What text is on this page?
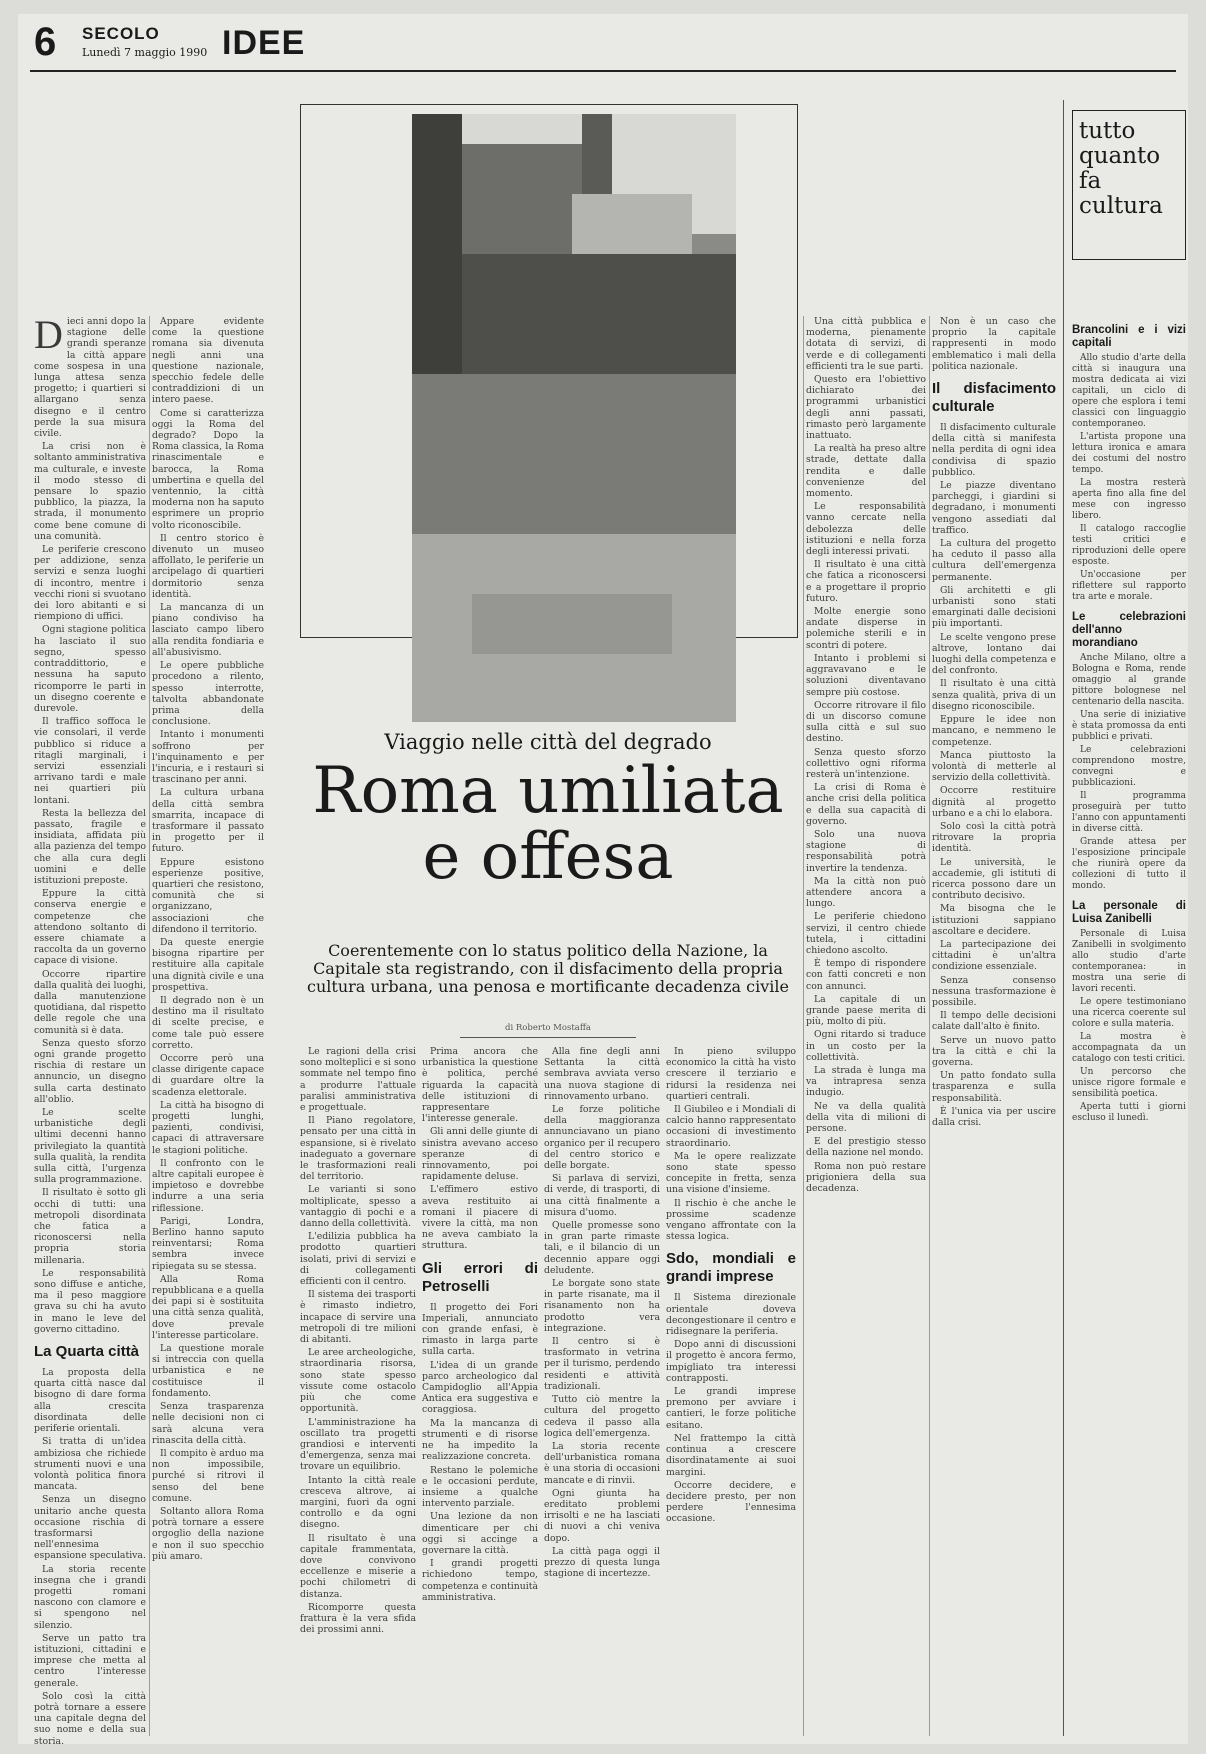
6 SECOLO
Lunedì 7 maggio 1990 IDEE
Viaggio nelle città del degrado
Roma umiliata e offesa
Coerentemente con lo status politico della Nazione, la Capitale sta registrando, con il disfacimento della propria cultura urbana, una penosa e mortificante decadenza civile
di Roberto Mostaffa

Dieci anni dopo la stagione delle grandi speranze la città appare come sospesa in una lunga attesa senza progetto; i quartieri si allargano senza disegno e il centro perde la sua misura civile.

La crisi non è soltanto amministrativa ma culturale, e investe il modo stesso di pensare lo spazio pubblico, la piazza, la strada, il monumento come bene comune di una comunità.

Le periferie crescono per addizione, senza servizi e senza luoghi di incontro, mentre i vecchi rioni si svuotano dei loro abitanti e si riempiono di uffici.

Ogni stagione politica ha lasciato il suo segno, spesso contraddittorio, e nessuna ha saputo ricomporre le parti in un disegno coerente e durevole.

Il traffico soffoca le vie consolari, il verde pubblico si riduce a ritagli marginali, i servizi essenziali arrivano tardi e male nei quartieri più lontani.

Resta la bellezza del passato, fragile e insidiata, affidata più alla pazienza del tempo che alla cura degli uomini e delle istituzioni preposte.

Eppure la città conserva energie e competenze che attendono soltanto di essere chiamate a raccolta da un governo capace di visione.

Occorre ripartire dalla qualità dei luoghi, dalla manutenzione quotidiana, dal rispetto delle regole che una comunità si è data.

Senza questo sforzo ogni grande progetto rischia di restare un annuncio, un disegno sulla carta destinato all'oblio.

Le scelte urbanistiche degli ultimi decenni hanno privilegiato la quantità sulla qualità, la rendita sulla città, l'urgenza sulla programmazione.

Il risultato è sotto gli occhi di tutti: una metropoli disordinata che fatica a riconoscersi nella propria storia millenaria.

Le responsabilità sono diffuse e antiche, ma il peso maggiore grava su chi ha avuto in mano le leve del governo cittadino.

La Quarta città

La proposta della quarta città nasce dal bisogno di dare forma alla crescita disordinata delle periferie orientali.

Si tratta di un'idea ambiziosa che richiede strumenti nuovi e una volontà politica finora mancata.

Senza un disegno unitario anche questa occasione rischia di trasformarsi nell'ennesima espansione speculativa.

La storia recente insegna che i grandi progetti romani nascono con clamore e si spengono nel silenzio.

Serve un patto tra istituzioni, cittadini e imprese che metta al centro l'interesse generale.

Solo così la città potrà tornare a essere una capitale degna del suo nome e della sua storia.

Appare evidente come la questione romana sia divenuta negli anni una questione nazionale, specchio fedele delle contraddizioni di un intero paese.

Come si caratterizza oggi la Roma del degrado? Dopo la Roma classica, la Roma rinascimentale e barocca, la Roma umbertina e quella del ventennio, la città moderna non ha saputo esprimere un proprio volto riconoscibile.

Il centro storico è divenuto un museo affollato, le periferie un arcipelago di quartieri dormitorio senza identità.

La mancanza di un piano condiviso ha lasciato campo libero alla rendita fondiaria e all'abusivismo.

Le opere pubbliche procedono a rilento, spesso interrotte, talvolta abbandonate prima della conclusione.

Intanto i monumenti soffrono per l'inquinamento e per l'incuria, e i restauri si trascinano per anni.

La cultura urbana della città sembra smarrita, incapace di trasformare il passato in progetto per il futuro.

Eppure esistono esperienze positive, quartieri che resistono, comunità che si organizzano, associazioni che difendono il territorio.

Da queste energie bisogna ripartire per restituire alla capitale una dignità civile e una prospettiva.

Il degrado non è un destino ma il risultato di scelte precise, e come tale può essere corretto.

Occorre però una classe dirigente capace di guardare oltre la scadenza elettorale.

La città ha bisogno di progetti lunghi, pazienti, condivisi, capaci di attraversare le stagioni politiche.

Il confronto con le altre capitali europee è impietoso e dovrebbe indurre a una seria riflessione.

Parigi, Londra, Berlino hanno saputo reinventarsi; Roma sembra invece ripiegata su se stessa.

Alla Roma repubblicana e a quella dei papi si è sostituita una città senza qualità, dove prevale l'interesse particolare.

La questione morale si intreccia con quella urbanistica e ne costituisce il fondamento.

Senza trasparenza nelle decisioni non ci sarà alcuna vera rinascita della città.

Il compito è arduo ma non impossibile, purché si ritrovi il senso del bene comune.

Soltanto allora Roma potrà tornare a essere orgoglio della nazione e non il suo specchio più amaro.

Le ragioni della crisi sono molteplici e si sono sommate nel tempo fino a produrre l'attuale paralisi amministrativa e progettuale.

Il Piano regolatore, pensato per una città in espansione, si è rivelato inadeguato a governare le trasformazioni reali del territorio.

Le varianti si sono moltiplicate, spesso a vantaggio di pochi e a danno della collettività.

L'edilizia pubblica ha prodotto quartieri isolati, privi di servizi e di collegamenti efficienti con il centro.

Il sistema dei trasporti è rimasto indietro, incapace di servire una metropoli di tre milioni di abitanti.

Le aree archeologiche, straordinaria risorsa, sono state spesso vissute come ostacolo più che come opportunità.

L'amministrazione ha oscillato tra progetti grandiosi e interventi d'emergenza, senza mai trovare un equilibrio.

Intanto la città reale cresceva altrove, ai margini, fuori da ogni controllo e da ogni disegno.

Il risultato è una capitale frammentata, dove convivono eccellenze e miserie a pochi chilometri di distanza.

Ricomporre questa frattura è la vera sfida dei prossimi anni.

Prima ancora che urbanistica la questione è politica, perché riguarda la capacità delle istituzioni di rappresentare l'interesse generale.

Gli anni delle giunte di sinistra avevano acceso speranze di rinnovamento, poi rapidamente deluse.

L'effimero estivo aveva restituito ai romani il piacere di vivere la città, ma non ne aveva cambiato la struttura.

Gli errori di Petroselli

Il progetto dei Fori Imperiali, annunciato con grande enfasi, è rimasto in larga parte sulla carta.

L'idea di un grande parco archeologico dal Campidoglio all'Appia Antica era suggestiva e coraggiosa.

Ma la mancanza di strumenti e di risorse ne ha impedito la realizzazione concreta.

Restano le polemiche e le occasioni perdute, insieme a qualche intervento parziale.

Una lezione da non dimenticare per chi oggi si accinge a governare la città.

I grandi progetti richiedono tempo, competenza e continuità amministrativa.

Alla fine degli anni Settanta la città sembrava avviata verso una nuova stagione di rinnovamento urbano.

Le forze politiche della maggioranza annunciavano un piano organico per il recupero del centro storico e delle borgate.

Si parlava di servizi, di verde, di trasporti, di una città finalmente a misura d'uomo.

Quelle promesse sono in gran parte rimaste tali, e il bilancio di un decennio appare oggi deludente.

Le borgate sono state in parte risanate, ma il risanamento non ha prodotto vera integrazione.

Il centro si è trasformato in vetrina per il turismo, perdendo residenti e attività tradizionali.

Tutto ciò mentre la cultura del progetto cedeva il passo alla logica dell'emergenza.

La storia recente dell'urbanistica romana è una storia di occasioni mancate e di rinvii.

Ogni giunta ha ereditato problemi irrisolti e ne ha lasciati di nuovi a chi veniva dopo.

La città paga oggi il prezzo di questa lunga stagione di incertezze.

In pieno sviluppo economico la città ha visto crescere il terziario e ridursi la residenza nei quartieri centrali.

Il Giubileo e i Mondiali di calcio hanno rappresentato occasioni di investimento straordinario.

Ma le opere realizzate sono state spesso concepite in fretta, senza una visione d'insieme.

Il rischio è che anche le prossime scadenze vengano affrontate con la stessa logica.

Sdo, mondiali e grandi imprese

Il Sistema direzionale orientale doveva decongestionare il centro e ridisegnare la periferia.

Dopo anni di discussioni il progetto è ancora fermo, impigliato tra interessi contrapposti.

Le grandi imprese premono per avviare i cantieri, le forze politiche esitano.

Nel frattempo la città continua a crescere disordinatamente ai suoi margini.

Occorre decidere, e decidere presto, per non perdere l'ennesima occasione.

Una città pubblica e moderna, pienamente dotata di servizi, di verde e di collegamenti efficienti tra le sue parti.

Questo era l'obiettivo dichiarato dei programmi urbanistici degli anni passati, rimasto però largamente inattuato.

La realtà ha preso altre strade, dettate dalla rendita e dalle convenienze del momento.

Le responsabilità vanno cercate nella debolezza delle istituzioni e nella forza degli interessi privati.

Il risultato è una città che fatica a riconoscersi e a progettare il proprio futuro.

Molte energie sono andate disperse in polemiche sterili e in scontri di potere.

Intanto i problemi si aggravavano e le soluzioni diventavano sempre più costose.

Occorre ritrovare il filo di un discorso comune sulla città e sul suo destino.

Senza questo sforzo collettivo ogni riforma resterà un'intenzione.

La crisi di Roma è anche crisi della politica e della sua capacità di governo.

Solo una nuova stagione di responsabilità potrà invertire la tendenza.

Ma la città non può attendere ancora a lungo.

Le periferie chiedono servizi, il centro chiede tutela, i cittadini chiedono ascolto.

È tempo di rispondere con fatti concreti e non con annunci.

La capitale di un grande paese merita di più, molto di più.

Ogni ritardo si traduce in un costo per la collettività.

La strada è lunga ma va intrapresa senza indugio.

Ne va della qualità della vita di milioni di persone.

E del prestigio stesso della nazione nel mondo.

Roma non può restare prigioniera della sua decadenza.

Non è un caso che proprio la capitale rappresenti in modo emblematico i mali della politica nazionale.

Il disfacimento culturale

Il disfacimento culturale della città si manifesta nella perdita di ogni idea condivisa di spazio pubblico.

Le piazze diventano parcheggi, i giardini si degradano, i monumenti vengono assediati dal traffico.

La cultura del progetto ha ceduto il passo alla cultura dell'emergenza permanente.

Gli architetti e gli urbanisti sono stati emarginati dalle decisioni più importanti.

Le scelte vengono prese altrove, lontano dai luoghi della competenza e del confronto.

Il risultato è una città senza qualità, priva di un disegno riconoscibile.

Eppure le idee non mancano, e nemmeno le competenze.

Manca piuttosto la volontà di metterle al servizio della collettività.

Occorre restituire dignità al progetto urbano e a chi lo elabora.

Solo così la città potrà ritrovare la propria identità.

Le università, le accademie, gli istituti di ricerca possono dare un contributo decisivo.

Ma bisogna che le istituzioni sappiano ascoltare e decidere.

La partecipazione dei cittadini è un'altra condizione essenziale.

Senza consenso nessuna trasformazione è possibile.

Il tempo delle decisioni calate dall'alto è finito.

Serve un nuovo patto tra la città e chi la governa.

Un patto fondato sulla trasparenza e sulla responsabilità.

È l'unica via per uscire dalla crisi.

tutto
quanto
fa
cultura
Brancolini e i vizi capitali

Allo studio d'arte della città si inaugura una mostra dedicata ai vizi capitali, un ciclo di opere che esplora i temi classici con linguaggio contemporaneo.

L'artista propone una lettura ironica e amara dei costumi del nostro tempo.

La mostra resterà aperta fino alla fine del mese con ingresso libero.

Il catalogo raccoglie testi critici e riproduzioni delle opere esposte.

Un'occasione per riflettere sul rapporto tra arte e morale.

Le celebrazioni dell'anno morandiano

Anche Milano, oltre a Bologna e Roma, rende omaggio al grande pittore bolognese nel centenario della nascita.

Una serie di iniziative è stata promossa da enti pubblici e privati.

Le celebrazioni comprendono mostre, convegni e pubblicazioni.

Il programma proseguirà per tutto l'anno con appuntamenti in diverse città.

Grande attesa per l'esposizione principale che riunirà opere da collezioni di tutto il mondo.

La personale di Luisa Zanibelli

Personale di Luisa Zanibelli in svolgimento allo studio d'arte contemporanea: in mostra una serie di lavori recenti.

Le opere testimoniano una ricerca coerente sul colore e sulla materia.

La mostra è accompagnata da un catalogo con testi critici.

Un percorso che unisce rigore formale e sensibilità poetica.

Aperta tutti i giorni escluso il lunedì.
